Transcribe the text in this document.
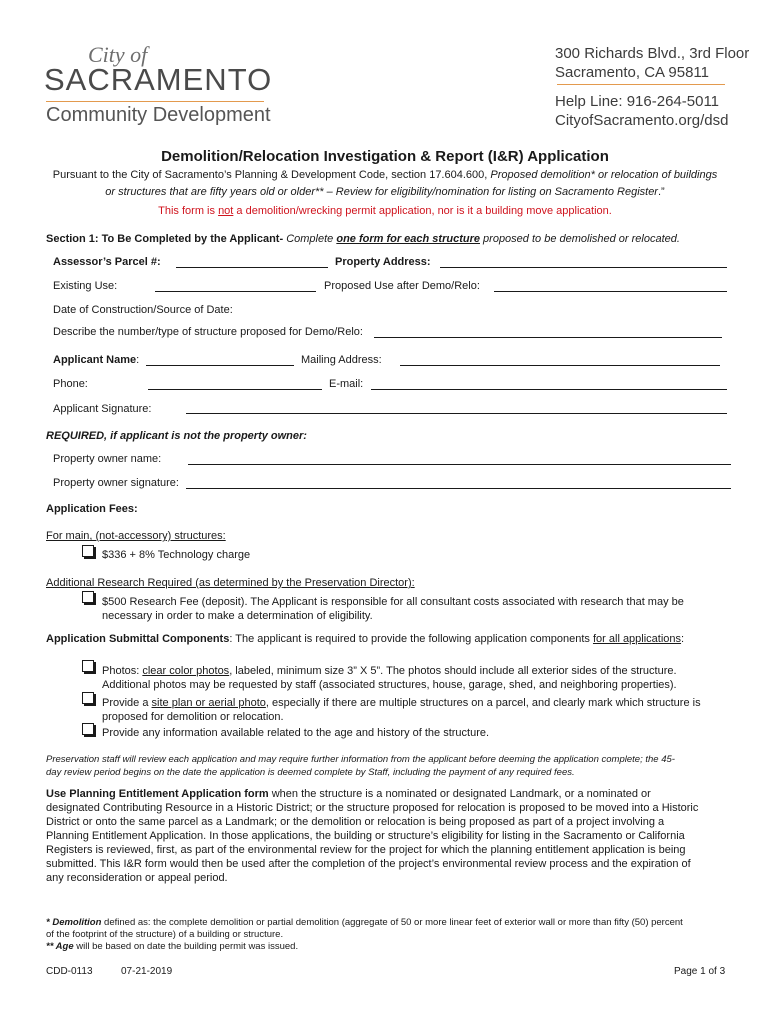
City of
SACRAMENTO
Community Development
300 Richards Blvd., 3rd Floor
Sacramento, CA 95811
Help Line: 916-264-5011
CityofSacramento.org/dsd
Demolition/Relocation Investigation & Report (I&R) Application
Pursuant to the City of Sacramento’s Planning & Development Code, section 17.604.600, Proposed demolition* or relocation of buildings or structures that are fifty years old or older** – Review for eligibility/nomination for listing on Sacramento Register.”
This form is not a demolition/wrecking permit application, nor is it a building move application.
Section 1: To Be Completed by the Applicant- Complete one form for each structure proposed to be demolished or relocated.
Assessor’s Parcel #:	Property Address:
Existing Use:	Proposed Use after Demo/Relo:
Date of Construction/Source of Date:
Describe the number/type of structure proposed for Demo/Relo:
Applicant Name:	Mailing Address:
Phone:	E-mail:
Applicant Signature:
REQUIRED, if applicant is not the property owner:
Property owner name:
Property owner signature:
Application Fees:
For main, (not-accessory) structures:
$336 + 8% Technology charge
Additional Research Required (as determined by the Preservation Director):
$500 Research Fee (deposit). The Applicant is responsible for all consultant costs associated with research that may be
necessary in order to make a determination of eligibility.
Application Submittal Components: The applicant is required to provide the following application components for all applications:
Photos: clear color photos, labeled, minimum size 3” X 5”. The photos should include all exterior sides of the structure.
Additional photos may be requested by staff (associated structures, house, garage, shed, and neighboring properties).
Provide a site plan or aerial photo, especially if there are multiple structures on a parcel, and clearly mark which structure is
proposed for demolition or relocation.
Provide any information available related to the age and history of the structure.
Preservation staff will review each application and may require further information from the applicant before deeming the application complete; the 45-
day review period begins on the date the application is deemed complete by Staff, including the payment of any required fees.
Use Planning Entitlement Application form when the structure is a nominated or designated Landmark, or a nominated or
designated Contributing Resource in a Historic District; or the structure proposed for relocation is proposed to be moved into a Historic
District or onto the same parcel as a Landmark; or the demolition or relocation is being proposed as part of a project involving a
Planning Entitlement Application. In those applications, the building or structure’s eligibility for listing in the Sacramento or California
Registers is reviewed, first, as part of the environmental review for the project for which the planning entitlement application is being
submitted. This I&R form would then be used after the completion of the project’s environmental review process and the expiration of
any reconsideration or appeal period.
* Demolition defined as: the complete demolition or partial demolition (aggregate of 50 or more linear feet of exterior wall or more than fifty (50) percent
of the footprint of the structure) of a building or structure.
** Age will be based on date the building permit was issued.
CDD-0113	07-21-2019	Page 1 of 3
